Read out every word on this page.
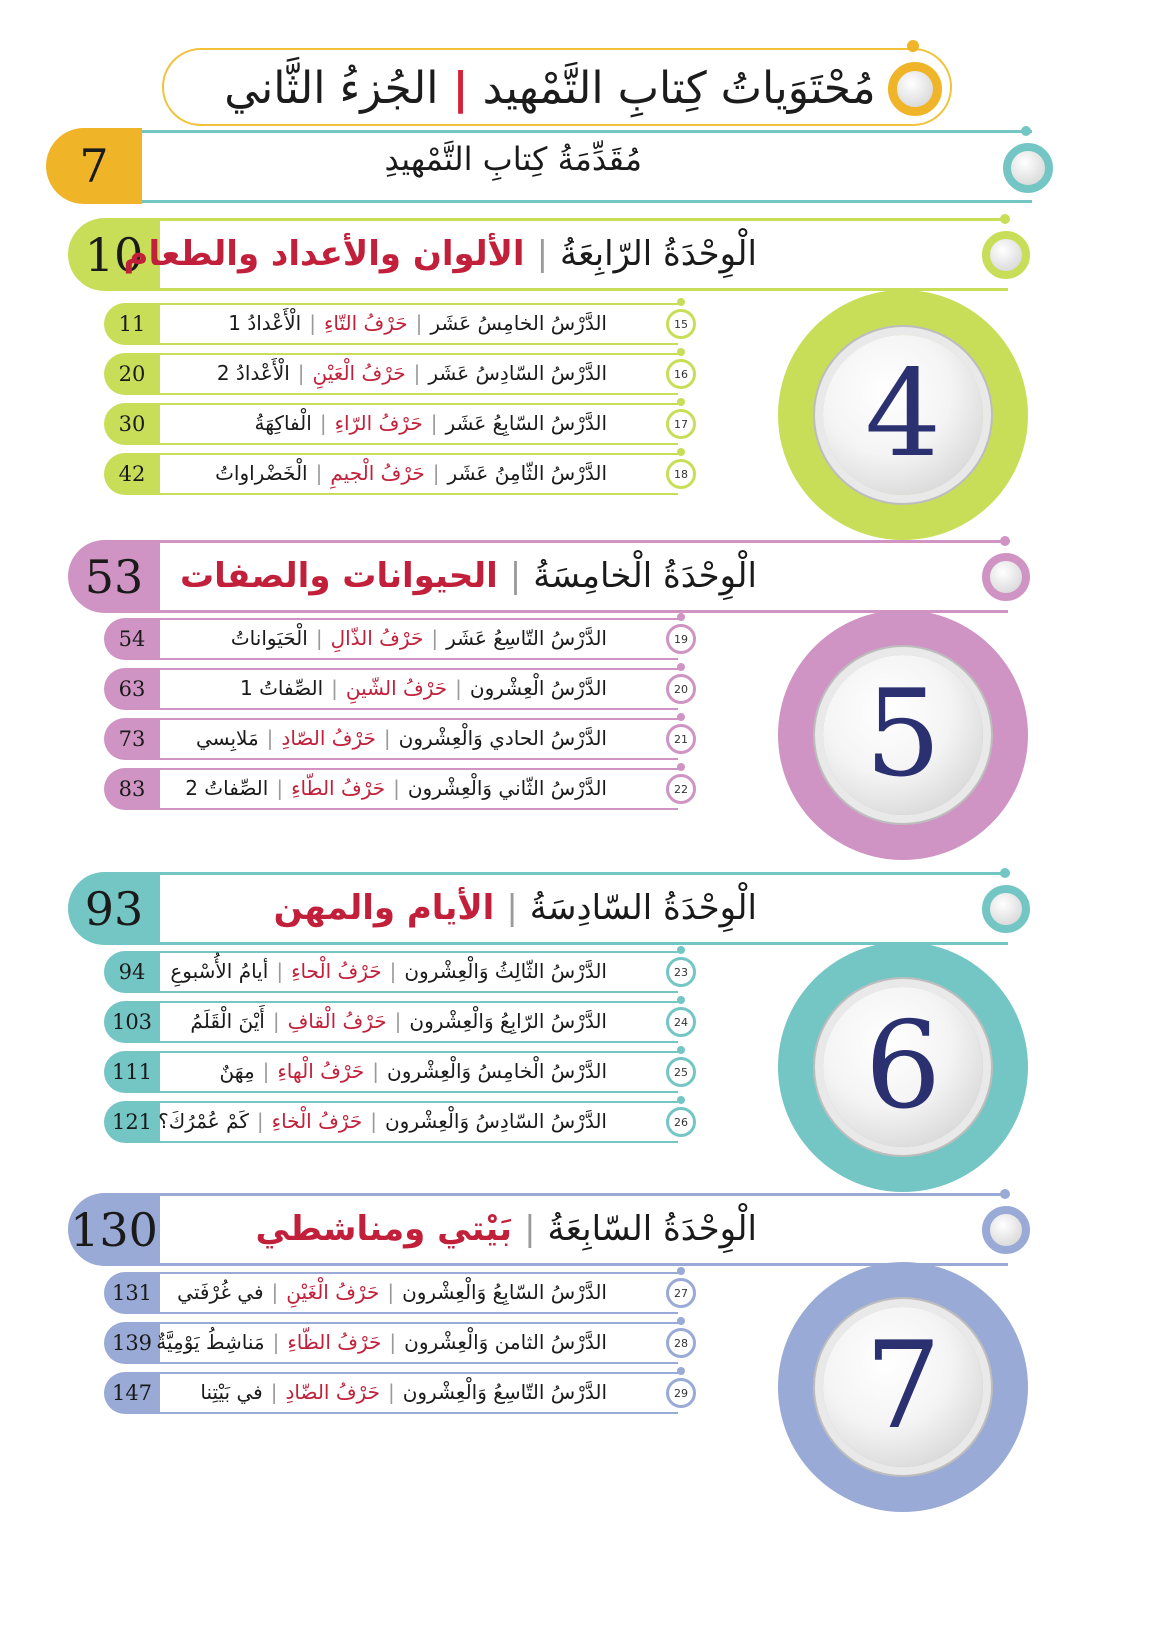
مُحْتَوَياتُ كِتابِ التَّمْهيد|الجُزءُ الثَّاني
7	مُقَدِّمَةُ كِتابِ التَّمْهيدِ
10	الْوِحْدَةُ الرّابِعَةُ|الألوان والأعداد والطعام
4
11	الدَّرْسُ الخامِسُ عَشَر|حَرْفُ التّاءِ|الْأَعْدادُ 1	15
20	الدَّرْسُ السّادِسُ عَشَر|حَرْفُ الْعَيْنِ|الْأَعْدادُ 2	16
30	الدَّرْسُ السّابِعُ عَشَر|حَرْفُ الرّاءِ|الْفاكِهَةُ	17
42	الدَّرْسُ الثّامِنُ عَشَر|حَرْفُ الْجيمِ|الْخَضْراواتُ	18
53	الْوِحْدَةُ الْخامِسَةُ|الحيوانات والصفات
5
54	الدَّرْسُ التّاسِعُ عَشَر|حَرْفُ الذّالِ|الْحَيَواناتُ	19
63	الدَّرْسُ الْعِشْرون|حَرْفُ الشّينِ|الصِّفاتُ 1	20
73	الدَّرْسُ الحادي وَالْعِشْرون|حَرْفُ الصّادِ|مَلابِسي	21
83	الدَّرْسُ الثّاني وَالْعِشْرون|حَرْفُ الطّاءِ|الصِّفاتُ 2	22
93	الْوِحْدَةُ السّادِسَةُ|الأيام والمهن
6
94	الدَّرْسُ الثّالِثُ وَالْعِشْرون|حَرْفُ الْحاءِ|أيامُ الأُسْبوعِ	23
103	الدَّرْسُ الرّابِعُ وَالْعِشْرون|حَرْفُ الْقافِ|أَيْنَ الْقَلَمُ	24
111	الدَّرْسُ الْخامِسُ وَالْعِشْرون|حَرْفُ الْهاءِ|مِهَنٌ	25
121	الدَّرْسُ السّادِسُ وَالْعِشْرون|حَرْفُ الْخاءِ|كَمْ عُمْرُكَ؟	26
130	الْوِحْدَةُ السّابِعَةُ|بَيْتي ومناشطي
7
131	الدَّرْسُ السّابِعُ وَالْعِشْرون|حَرْفُ الْغَيْنِ|في غُرْفَتي	27
139	الدَّرْسُ الثامن وَالْعِشْرون|حَرْفُ الظّاءِ|مَناشِطُ يَوْمِيَّةٌ	28
147	الدَّرْسُ التّاسِعُ وَالْعِشْرون|حَرْفُ الضّادِ|في بَيْتِنا	29
